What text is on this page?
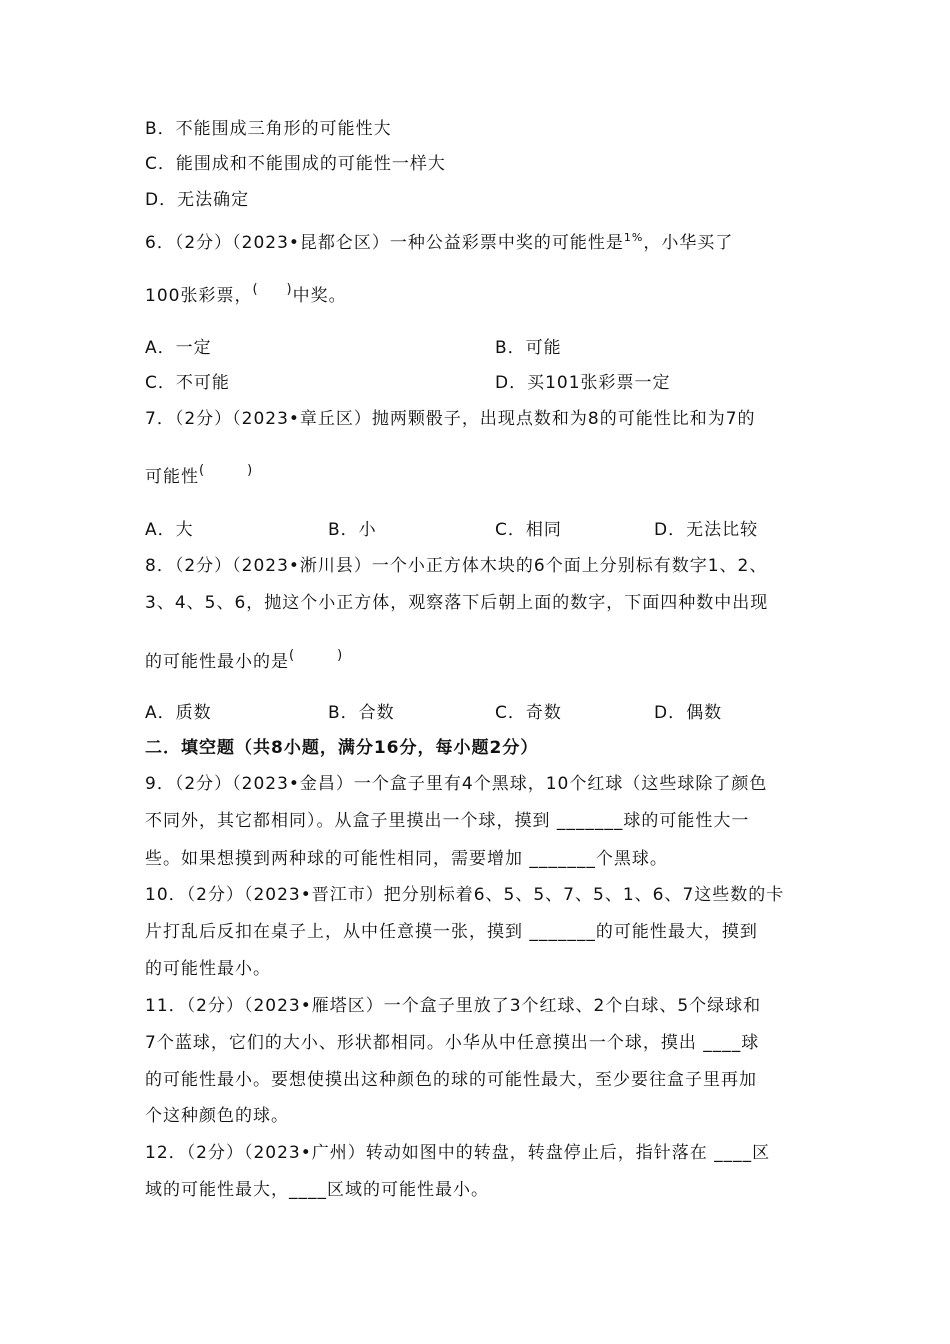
B．不能围成三角形的可能性大
C．能围成和不能围成的可能性一样大
D．无法确定
6．（2分）（2023•昆都仑区）一种公益彩票中奖的可能性是$^{1\%}$，小华买了
100张彩票，(　　)中奖。
A．一定	B．可能
C．不可能	D．买101张彩票一定
7．（2分）（2023•章丘区）抛两颗骰子，出现点数和为8的可能性比和为7的
可能性(　　　)
A．大	B．小	C．相同	D．无法比较
8．（2分）（2023•淅川县）一个小正方体木块的6个面上分别标有数字1、2、
3、4、5、6，抛这个小正方体，观察落下后朝上面的数字，下面四种数中出现
的可能性最小的是(　　　)
A．质数	B．合数	C．奇数	D．偶数
二．填空题（共8小题，满分16分，每小题2分）
9．（2分）（2023•金昌）一个盒子里有4个黑球，10个红球（这些球除了颜色
不同外，其它都相同）。从盒子里摸出一个球，摸到 _______球的可能性大一
些。如果想摸到两种球的可能性相同，需要增加 _______个黑球。
10．（2分）（2023•晋江市）把分别标着6、5、5、7、5、1、6、7这些数的卡
片打乱后反扣在桌子上，从中任意摸一张，摸到 _______的可能性最大，摸到
的可能性最小。
11．（2分）（2023•雁塔区）一个盒子里放了3个红球、2个白球、5个绿球和
7个蓝球，它们的大小、形状都相同。小华从中任意摸出一个球，摸出 ____球
的可能性最小。要想使摸出这种颜色的球的可能性最大，至少要往盒子里再加
个这种颜色的球。
12．（2分）（2023•广州）转动如图中的转盘，转盘停止后，指针落在 ____区
域的可能性最大，____区域的可能性最小。
